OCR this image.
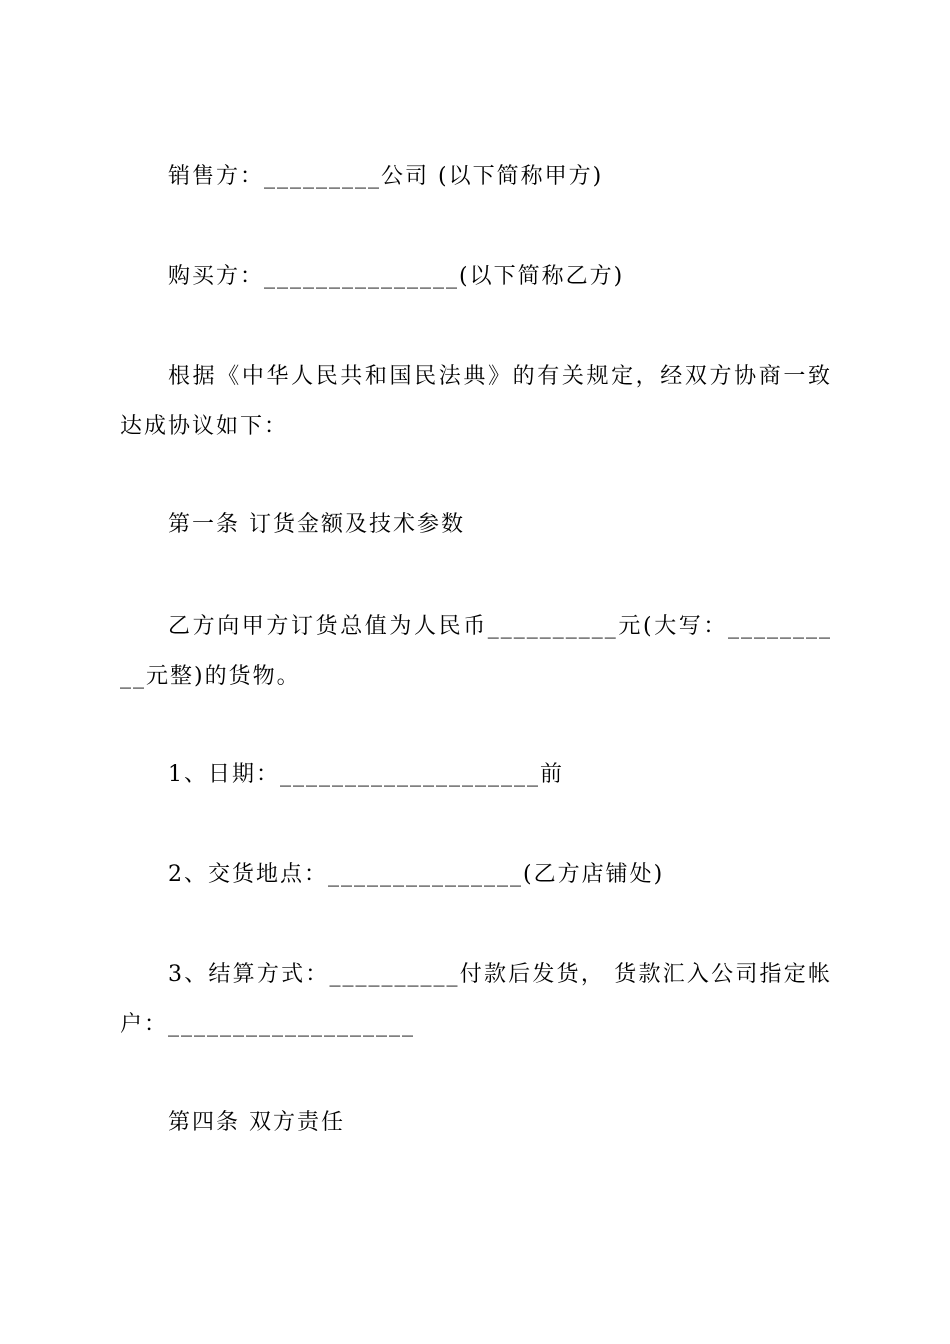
销售方：_________公司 (以下简称甲方)

购买方：_______________(以下简称乙方)

根据《中华人民共和国民法典》的有关规定，经双方协商一致达成协议如下：

第一条 订货金额及技术参数

乙方向甲方订货总值为人民币__________元(大写：__________元整)的货物。

1、日期：____________________前

2、交货地点：_______________(乙方店铺处)

3、结算方式：__________付款后发货， 货款汇入公司指定帐户：___________________

第四条 双方责任
